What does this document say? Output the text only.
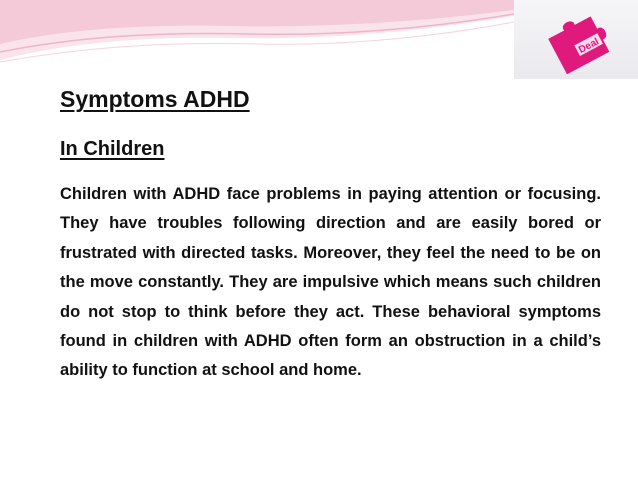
Deal
Symptoms ADHD
In Children

Children with ADHD face problems in paying attention or focusing. They have troubles following direction and are easily bored or frustrated with directed tasks. Moreover, they feel the need to be on the move constantly. They are impulsive which means such children do not stop to think before they act. These behavioral symptoms found in children with ADHD often form an obstruction in a child’s ability to function at school and home.
